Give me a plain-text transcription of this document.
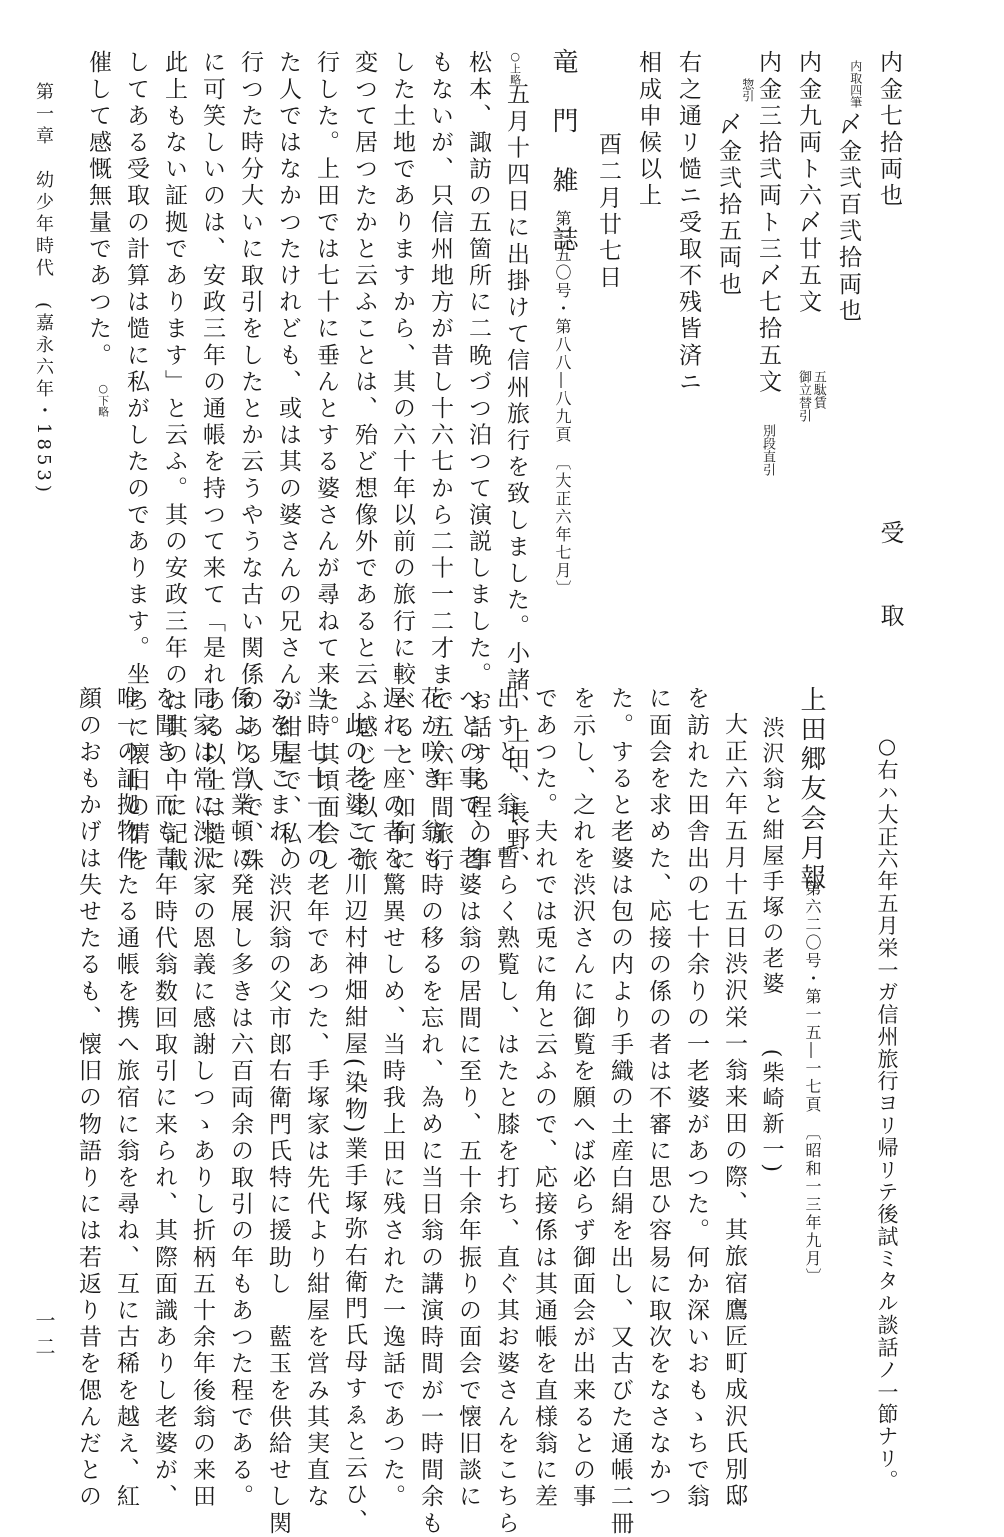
受　　取
内金七拾両也
内取四筆
〆金弐百弐拾両也
内金九両ト六〆廿五文
五駄賃
御立替引
内金三拾弐両ト三〆七拾五文
別段直引
惣引
〆金弐拾五両也
右之通リ慥ニ受取不残皆済ニ
相成申候以上
酉二月廿七日
竜　門　雑　誌
第三五〇号・第八八―八九頁　〔大正六年七月〕
○上略
五月十四日に出掛けて信州旅行を致しました。小諸、上田、長野、
松本、諏訪の五箇所に二晩づつ泊つて演説しました。お話する程の事
もないが、只信州地方が昔し十六七から二十一二才まで五六年間旅行
した土地でありますから、其の六十年以前の旅行に較べると、如何に
変つて居つたかと云ふことは、殆ど想像外であると云ふ感じを以て旅
行した。上田では七十に垂んとする婆さんが尋ねて来た。其頃面会し
た人ではなかつたけれども、或は其の婆さんの兄さんが紺屋で、私の
行つた時分大いに取引をしたとか云うやうな古い関係のある人で、殊
に可笑しいのは、安政三年の通帳を持つて来て「是れある以上は慥に
此上もない証拠であります」と云ふ。其の安政三年のは其の中に記載
してある受取の計算は慥に私がしたのであります。坐ろに懐旧の情を
催して感慨無量であつた。
○下略
第一章　幼少年時代　(嘉永六年・1853)
○右ハ大正六年五月栄一ガ信州旅行ヨリ帰リテ後試ミタル談話ノ一節ナリ。
上田郷友会月報
第六二〇号・第一五―一七頁　〔昭和一三年九月〕
渋沢翁と紺屋手塚の老婆　　(柴崎新一)
大正六年五月十五日渋沢栄一翁来田の際、其旅宿鷹匠町成沢氏別邸
を訪れた田舎出の七十余りの一老婆があつた。何か深いおもゝちで翁
に面会を求めた、応接の係の者は不審に思ひ容易に取次をなさなかつ
た。すると老婆は包の内より手織の土産白絹を出し、又古びた通帳二冊
を示し、之れを渋沢さんに御覧を願へば必らず御面会が出来るとの事
であつた。夫れでは兎に角と云ふので、応接係は其通帳を直様翁に差
出すと、翁、暫らく熟覧し、はたと膝を打ち、直ぐ其お婆さんをこちら
へとの事で、老婆は翁の居間に至り、五十余年振りの面会で懐旧談に
花が咲き　翁も時の移るを忘れ、為めに当日翁の講演時間が一時間余も
遅れ一座の者を驚異せしめ、当時我上田に残された一逸話であつた。
此の老婆こそ川辺村神畑紺屋(染物)業手塚弥右衛門氏母すゑと云ひ、
当時七十一才の老年であつた、手塚家は先代より紺屋を営み其実直な
るを見こまれ、渋沢翁の父市郎右衛門氏特に援助し　藍玉を供給せし関
係より営業頓に発展し多きは六百両余の取引の年もあつた程である。
同家は常に渋沢家の恩義に感謝しつゝありし折柄五十余年後翁の来田
を聞き、而も青年時代翁数回取引に来られ、其際面識ありし老婆が、
唯一の証拠物件たる通帳を携へ旅宿に翁を尋ね、互に古稀を越え、紅
顔のおもかげは失せたるも、懐旧の物語りには若返り昔を偲んだとの
一二
